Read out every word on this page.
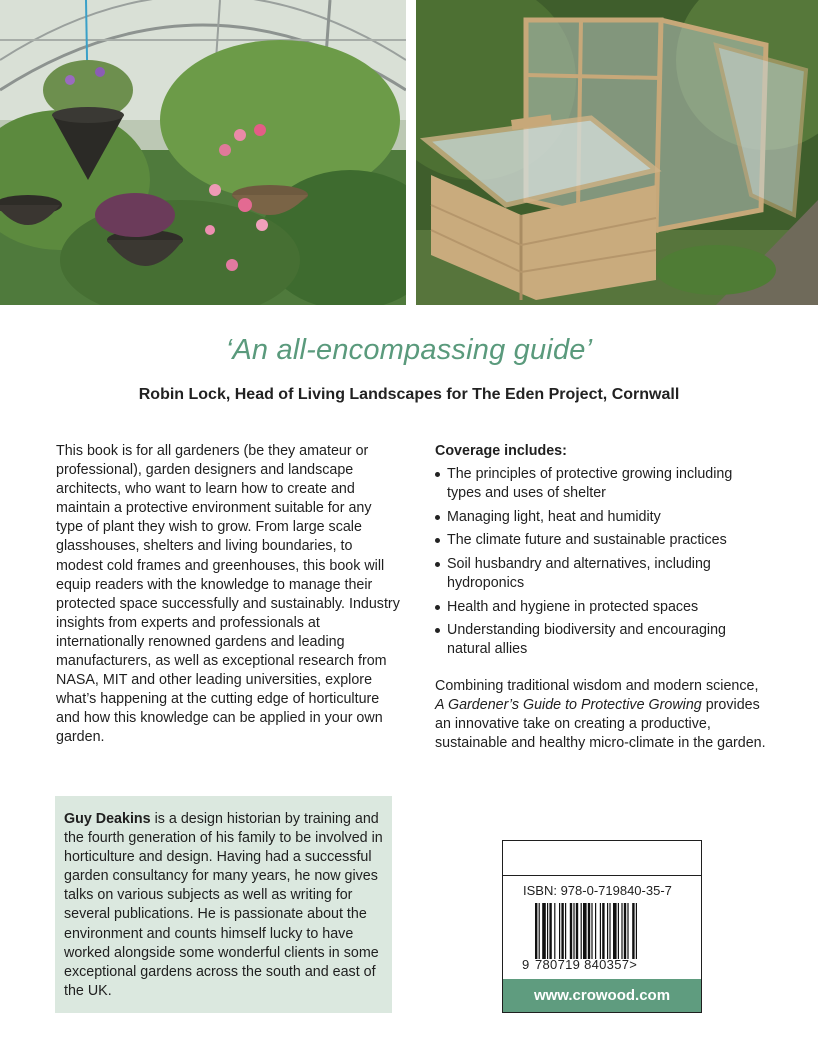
‘An all-encompassing guide’
Robin Lock, Head of Living Landscapes for The Eden Project, Cornwall

This book is for all gardeners (be they amateur or professional), garden designers and landscape architects, who want to learn how to create and maintain a protective environment suitable for any type of plant they wish to grow. From large scale glasshouses, shelters and living boundaries, to modest cold frames and greenhouses, this book will equip readers with the knowledge to manage their protected space successfully and sustainably. Industry insights from experts and professionals at internationally renowned gardens and leading manufacturers, as well as exceptional research from NASA, MIT and other leading universities, explore what’s happening at the cutting edge of horticulture and how this knowledge can be applied in your own garden.

Coverage includes:

The principles of protective growing including types and uses of shelter
Managing light, heat and humidity
The climate future and sustainable practices
Soil husbandry and alternatives, including hydroponics
Health and hygiene in protected spaces
Understanding biodiversity and encouraging natural allies

Combining traditional wisdom and modern science, A Gardener’s Guide to Protective Growing provides an innovative take on creating a productive, sustainable and healthy micro-climate in the garden.

Guy Deakins is a design historian by training and the fourth generation of his family to be involved in horticulture and design. Having had a successful garden consultancy for many years, he now gives talks on various subjects as well as writing for several publications. He is passionate about the environment and counts himself lucky to have worked alongside some wonderful clients in some exceptional gardens across the south and east of the UK.
ISBN: 978-0-719840-35-7
9 780719 840357>
www.crowood.com
